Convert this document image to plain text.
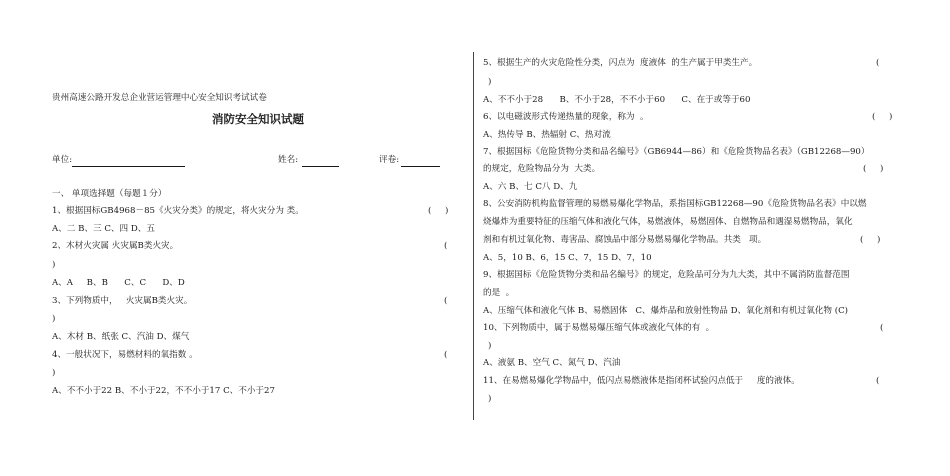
贵州高速公路开发总企业营运管理中心安全知识考试试卷
消防安全知识试题
单位:	姓名:	评卷:
一、 单项选择题（每题１分）
1、根据国标GB4968－85《火灾分类》的规定，将火灾分为 类。	(     )
A、二 B、三 C、四 D、五
2、木材火灾属 火灾属B类火灾。	(
)
A、A     B、B      C、C      D、D
3、下列物质中，   火灾属B类火灾。	(
)
A、木材 B、纸张 C、汽油 D、煤气
4、一般状况下，易燃材料的氧指数 。	(
)
A、不不小于22 B、不小于22，不不小于17 C、不小于27
5、根据生产的火灾危险性分类，闪点为  度液体  的生产属于甲类生产。	(
)
A、不不小于28      B、不小于28，不不小于60      C、在于或等于60
6、以电磁波形式传递热量的现象，称为  。	(     )
A、热传导 B、热辐射 C、热对流
7、根据国标《危险货物分类和品名编号》（GB6944—86）和《危险货物品名表》（GB12268—90）
的规定，危险物品分为  大类。	(     )
A、六 B、七 C八 D、九
8、公安消防机构监督管理的易燃易爆化学物品，系指国标GB12268—90《危险货物品名表》中以燃
烧爆炸为重要特征的压缩气体和液化气体，易燃液体，易燃固体、自燃物品和遇湿易燃物品，氧化
剂和有机过氧化物、毒害品、腐蚀品中部分易燃易爆化学物品。共类   项。	(     )
A、5，10 B、6，15 C、7，15 D、7，10
9、根据国标《危险货物分类和品名编号》的规定，危险品可分为九大类，其中不属消防监督范围
的是  。
A、压缩气体和液化气体 B、易燃固体   C、爆炸品和放射性物品 D、氧化剂和有机过氧化物 (C)
10、下列物质中，属于易燃易爆压缩气体或液化气体的有  。	(
)
A、液氨 B、空气 C、氮气 D、汽油
11、在易燃易爆化学物品中，低闪点易燃液体是指闭杯试验闪点低于     度的液体。	(
)
